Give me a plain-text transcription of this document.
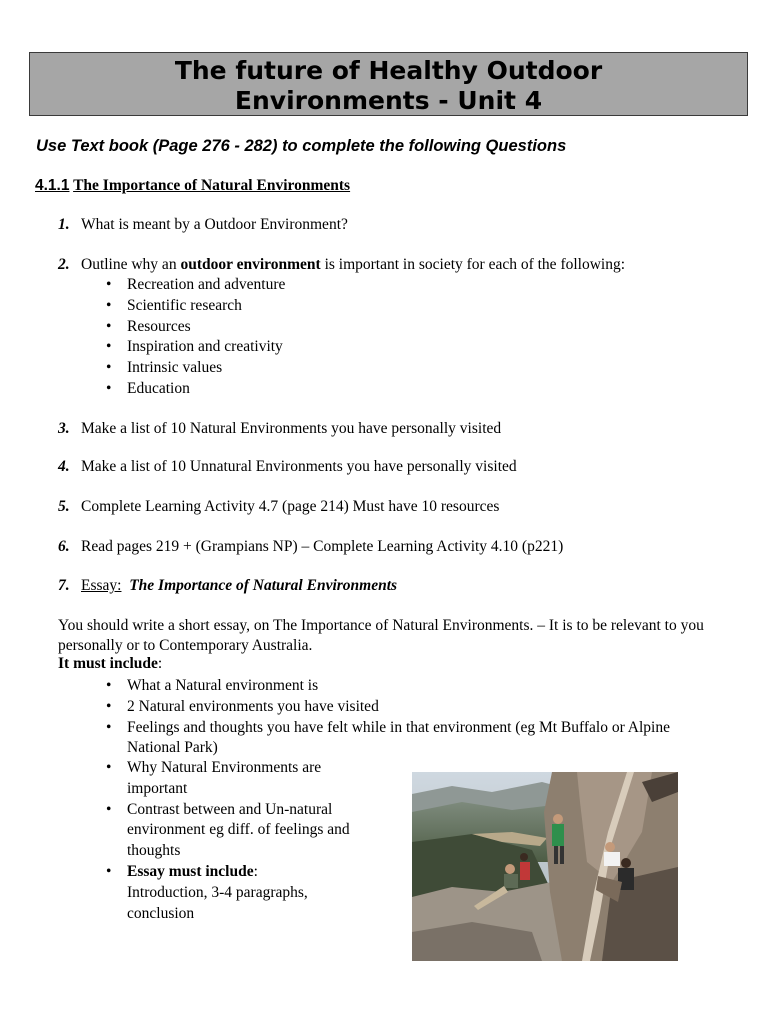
The future of Healthy Outdoor
Environments - Unit 4
Use Text book (Page 276 - 282) to complete the following Questions
4.1.1 The Importance of Natural Environments
1. What is meant by a Outdoor Environment?
2. Outline why an outdoor environment is important in society for each of the following:
• Recreation and adventure
• Scientific research
• Resources
• Inspiration and creativity
• Intrinsic values
• Education
3. Make a list of 10 Natural Environments you have personally visited
4. Make a list of 10 Unnatural Environments you have personally visited
5. Complete Learning Activity 4.7 (page 214) Must have 10 resources
6. Read pages 219 + (Grampians NP) – Complete Learning Activity 4.10 (p221)
7. Essay: The Importance of Natural Environments
You should write a short essay, on The Importance of Natural Environments. – It is to be relevant to you personally or to Contemporary Australia.
It must include:
• What a Natural environment is
• 2 Natural environments you have visited
• Feelings and thoughts you have felt while in that environment (eg Mt Buffalo or Alpine National Park)
• Why Natural Environments are important
• Contrast between and Un-natural environment eg diff. of feelings and thoughts
• Essay must include:
Introduction, 3-4 paragraphs, conclusion
